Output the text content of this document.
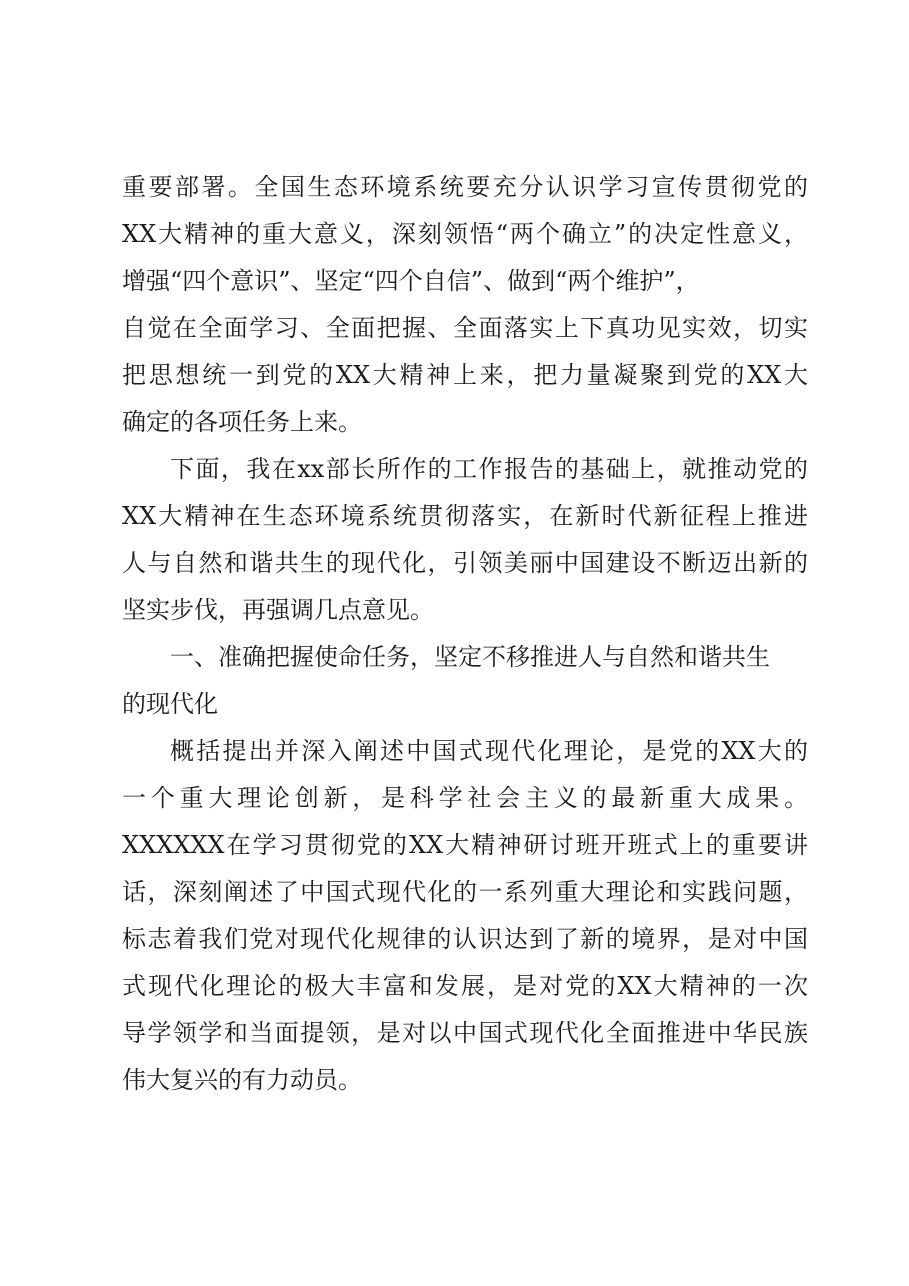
重要部署。全国生态环境系统要充分认识学习宣传贯彻党的

XX大精神的重大意义，深刻领悟“两个确立”的决定性意义，

增强“四个意识”、坚定“四个自信”、做到“两个维护”，

自觉在全面学习、全面把握、全面落实上下真功见实效，切实

把思想统一到党的XX大精神上来，把力量凝聚到党的XX大

确定的各项任务上来。

下面，我在xx部长所作的工作报告的基础上，就推动党的

XX大精神在生态环境系统贯彻落实，在新时代新征程上推进

人与自然和谐共生的现代化，引领美丽中国建设不断迈出新的

坚实步伐，再强调几点意见。

一、准确把握使命任务，坚定不移推进人与自然和谐共生

的现代化

概括提出并深入阐述中国式现代化理论，是党的XX大的

一个重大理论创新，是科学社会主义的最新重大成果。

XXXXXX在学习贯彻党的XX大精神研讨班开班式上的重要讲

话，深刻阐述了中国式现代化的一系列重大理论和实践问题，

标志着我们党对现代化规律的认识达到了新的境界，是对中国

式现代化理论的极大丰富和发展，是对党的XX大精神的一次

导学领学和当面提领，是对以中国式现代化全面推进中华民族

伟大复兴的有力动员。
